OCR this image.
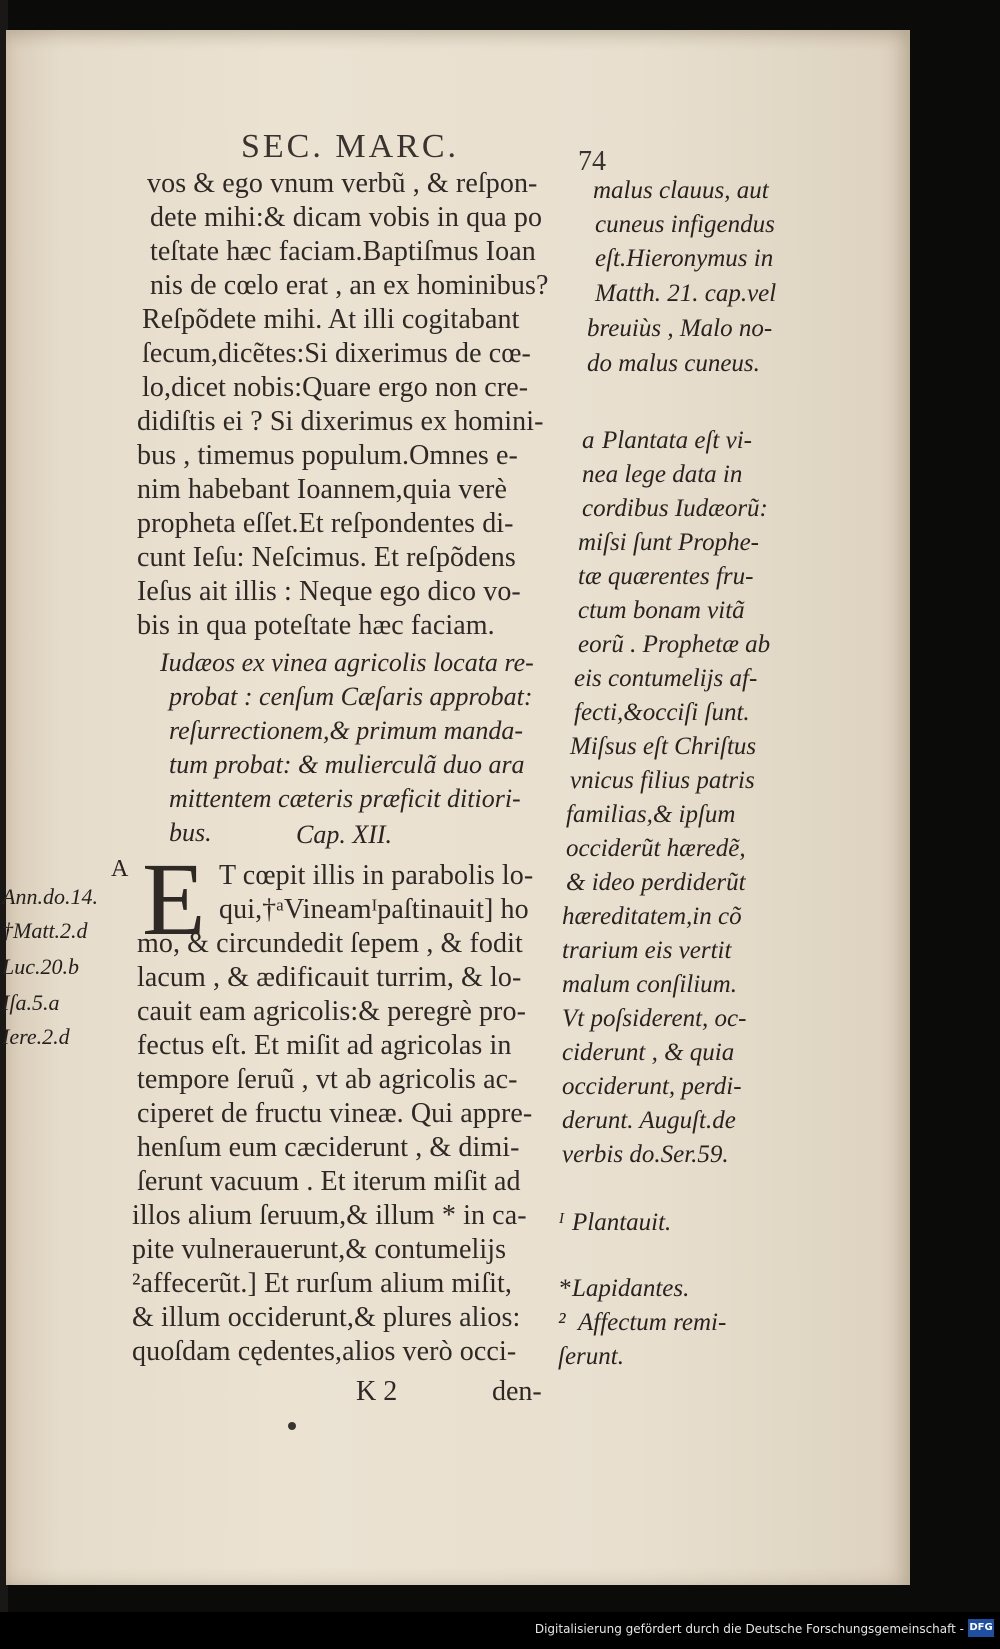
SEC. MARC.	74
vos & ego vnum verbũ , & reſpon-
dete mihi:& dicam vobis in qua po
teſtate hæc faciam.Baptiſmus Ioan
nis de cœlo erat , an ex hominibus?
Reſpõdete mihi. At illi cogitabant
ſecum,dicẽtes:Si dixerimus de cœ-
lo,dicet nobis:Quare ergo non cre-
didiſtis ei ? Si dixerimus ex homini-
bus , timemus populum.Omnes e-
nim habebant Ioannem,quia verè
propheta eſſet.Et reſpondentes di-
cunt Ieſu: Neſcimus. Et reſpõdens
Ieſus ait illis : Neque ego dico vo-
bis in qua poteſtate hæc faciam.
Iudæos ex vinea agricolis locata re-
probat : cenſum Cæſaris approbat:
reſurrectionem,& primum manda-
tum probat: & mulierculã duo ara
mittentem cæteris præficit ditiori-
bus.	Cap. XII.
A E T cœpit illis in parabolis lo-
qui,†ᵃVineamᴵpaſtinauit] ho
mo, & circundedit ſepem , & fodit
lacum , & ædificauit turrim, & lo-
cauit eam agricolis:& peregrè pro-
fectus eſt. Et miſit ad agricolas in
tempore ſeruũ , vt ab agricolis ac-
ciperet de fructu vineæ. Qui appre-
henſum eum cæciderunt , & dimi-
ſerunt vacuum . Et iterum miſit ad
illos alium ſeruum,& illum * in ca-
pite vulnerauerunt,& contumelijs
²affecerũt.] Et rurſum alium miſit,
& illum occiderunt,& plures alios:
quoſdam cędentes,alios verò occi-
K 2	den-
malus clauus, aut
cuneus infigendus
eſt.Hieronymus in
Matth. 21. cap.vel
breuiùs , Malo no-
do malus cuneus.
a Plantata eſt vi-
nea lege data in
cordibus Iudæorũ:
miſsi ſunt Prophe-
tæ quærentes fru-
ctum bonam vitã
eorũ . Prophetæ ab
eis contumelijs af-
fecti,&occiſi ſunt.
Miſsus eſt Chriſtus
vnicus filius patris
familias,& ipſum
occiderũt hæredẽ,
& ideo perdiderũt
hæreditatem,in cõ
trarium eis vertit
malum conſilium.
Vt poſsiderent, oc-
ciderunt , & quia
occiderunt, perdi-
derunt. Auguſt.de
verbis do.Ser.59.
ᴵ Plantauit.
* Lapidantes.
² Affectum remi-
ſerunt.
Ann.do.14.
†Matt.2.d
Luc.20.b
Iſa.5.a
Iere.2.d
Digitalisierung gefördert durch die Deutsche Forschungsgemeinschaft - DFG
